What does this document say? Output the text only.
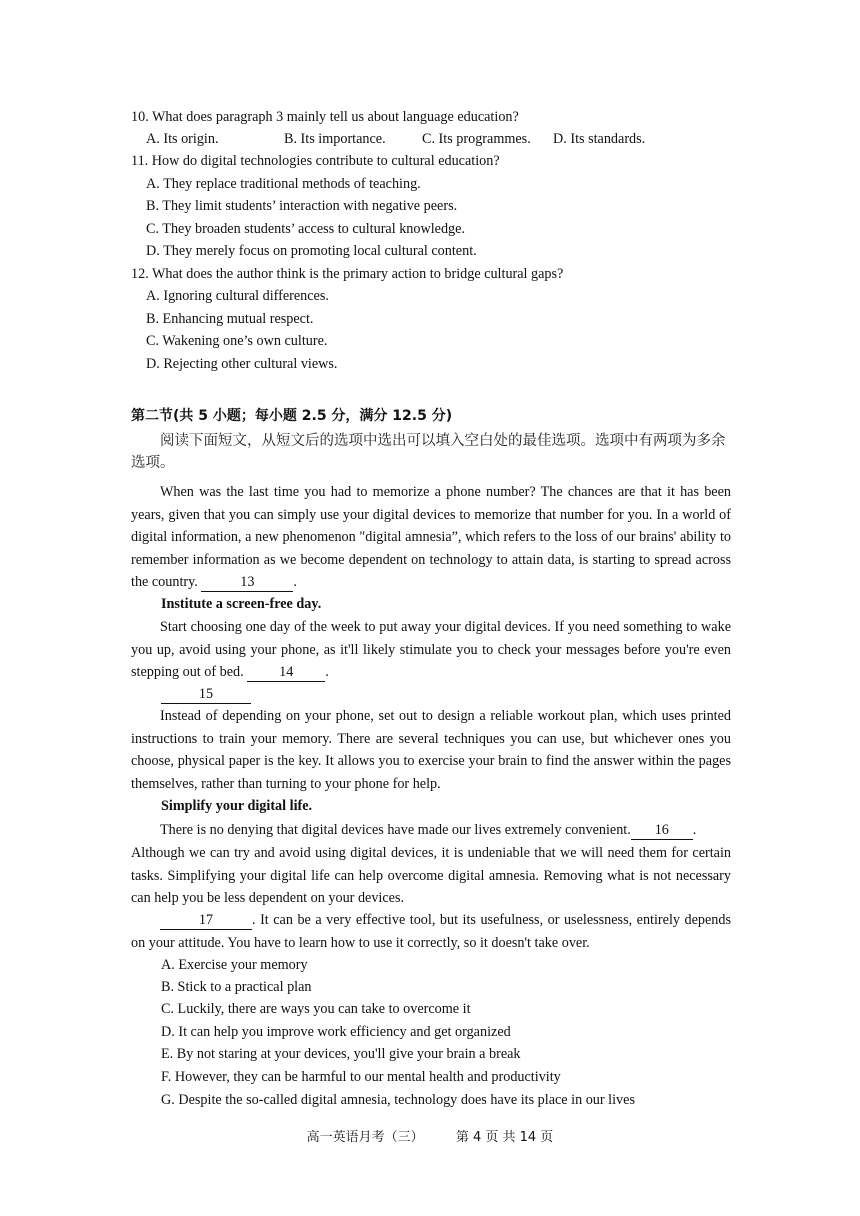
10. What does paragraph 3 mainly tell us about language education?
A. Its origin.	B. Its importance.	C. Its programmes. D. Its standards.
11. How do digital technologies contribute to cultural education?
A. They replace traditional methods of teaching.
B. They limit students’ interaction with negative peers.
C. They broaden students’ access to cultural knowledge.
D. They merely focus on promoting local cultural content.
12. What does the author think is the primary action to bridge cultural gaps?
A. Ignoring cultural differences.
B. Enhancing mutual respect.
C. Wakening one’s own culture.
D. Rejecting other cultural views.
第二节(共 5 小题；每小题 2.5 分，满分 12.5 分)
阅读下面短文，从短文后的选项中选出可以填入空白处的最佳选项。选项中有两项为多余选项。
When was the last time you had to memorize a phone number? The chances are that it has been years, given that you can simply use your digital devices to memorize that number for you. In a world of digital information, a new phenomenon "digital amnesia”, which refers to the loss of our brains' ability to remember information as we become dependent on technology to attain data, is starting to spread across the country.	13	.
Institute a screen-free day.
Start choosing one day of the week to put away your digital devices. If you need something to wake you up, avoid using your phone, as it'll likely stimulate you to check your messages before you're even stepping out of bed. 14 .
15
Instead of depending on your phone, set out to design a reliable workout plan, which uses printed instructions to train your memory. There are several techniques you can use, but whichever ones you choose, physical paper is the key. It allows you to exercise your brain to find the answer within the pages themselves, rather than turning to your phone for help.
Simplify your digital life.
There is no denying that digital devices have made our lives extremely convenient. 16 .
Although we can try and avoid using digital devices, it is undeniable that we will need them for certain tasks. Simplifying your digital life can help overcome digital amnesia. Removing what is not necessary can help you be less dependent on your devices.
17	. It can be a very effective tool, but its usefulness, or uselessness, entirely depends on your attitude. You have to learn how to use it correctly, so it doesn't take over.
A. Exercise your memory
B. Stick to a practical plan
C. Luckily, there are ways you can take to overcome it
D. It can help you improve work efficiency and get organized
E. By not staring at your devices, you'll give your brain a break
F. However, they can be harmful to our mental health and productivity
G. Despite the so-called digital amnesia, technology does have its place in our lives
高一英语月考（三） 第 4 页 共 14 页
